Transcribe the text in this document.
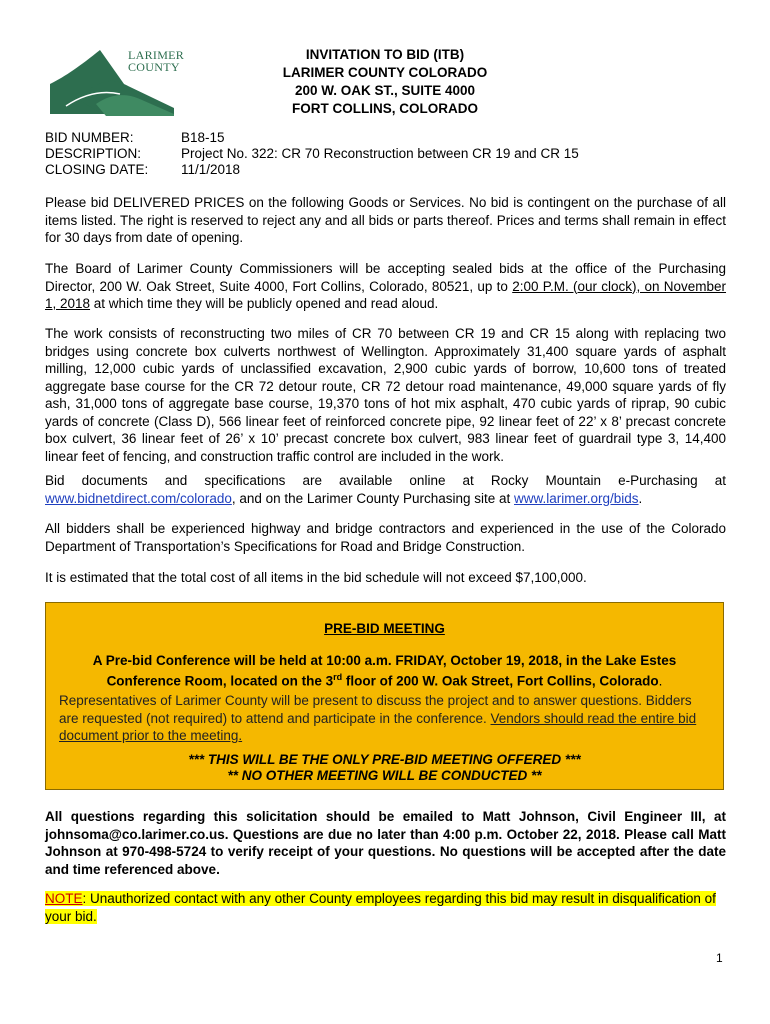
LARIMER
COUNTY
INVITATION TO BID (ITB)
LARIMER COUNTY COLORADO
200 W. OAK ST., SUITE 4000
FORT COLLINS, COLORADO
BID NUMBER:	B18-15
DESCRIPTION:	Project No. 322: CR 70 Reconstruction between CR 19 and CR 15
CLOSING DATE:	11/1/2018
Please bid DELIVERED PRICES on the following Goods or Services. No bid is contingent on the purchase of all items listed. The right is reserved to reject any and all bids or parts thereof. Prices and terms shall remain in effect for 30 days from date of opening.
The Board of Larimer County Commissioners will be accepting sealed bids at the office of the Purchasing Director, 200 W. Oak Street, Suite 4000, Fort Collins, Colorado, 80521, up to 2:00 P.M. (our clock), on November 1, 2018 at which time they will be publicly opened and read aloud.
The work consists of reconstructing two miles of CR 70 between CR 19 and CR 15 along with replacing two bridges using concrete box culverts northwest of Wellington. Approximately 31,400 square yards of asphalt milling, 12,000 cubic yards of unclassified excavation, 2,900 cubic yards of borrow, 10,600 tons of treated aggregate base course for the CR 72 detour route, CR 72 detour road maintenance, 49,000 square yards of fly ash, 31,000 tons of aggregate base course, 19,370 tons of hot mix asphalt, 470 cubic yards of riprap, 90 cubic yards of concrete (Class D), 566 linear feet of reinforced concrete pipe, 92 linear feet of 22’ x 8’ precast concrete box culvert, 36 linear feet of 26’ x 10’ precast concrete box culvert, 983 linear feet of guardrail type 3, 14,400 linear feet of fencing, and construction traffic control are included in the work.
Bid documents and specifications are available online at Rocky Mountain e-Purchasing at www.bidnetdirect.com/colorado, and on the Larimer County Purchasing site at www.larimer.org/bids.
All bidders shall be experienced highway and bridge contractors and experienced in the use of the Colorado Department of Transportation’s Specifications for Road and Bridge Construction.
It is estimated that the total cost of all items in the bid schedule will not exceed $7,100,000.
PRE-BID MEETING
A Pre-bid Conference will be held at 10:00 a.m. FRIDAY, October 19, 2018, in the Lake Estes
Conference Room, located on the 3rd floor of 200 W. Oak Street, Fort Collins, Colorado.
Representatives of Larimer County will be present to discuss the project and to answer questions. Bidders are requested (not required) to attend and participate in the conference. Vendors should read the entire bid document prior to the meeting.
*** THIS WILL BE THE ONLY PRE-BID MEETING OFFERED ***
** NO OTHER MEETING WILL BE CONDUCTED **
All questions regarding this solicitation should be emailed to Matt Johnson, Civil Engineer III, at johnsoma@co.larimer.co.us. Questions are due no later than 4:00 p.m. October 22, 2018. Please call Matt Johnson at 970-498-5724 to verify receipt of your questions. No questions will be accepted after the date and time referenced above.
NOTE: Unauthorized contact with any other County employees regarding this bid may result in disqualification of your bid.
1
